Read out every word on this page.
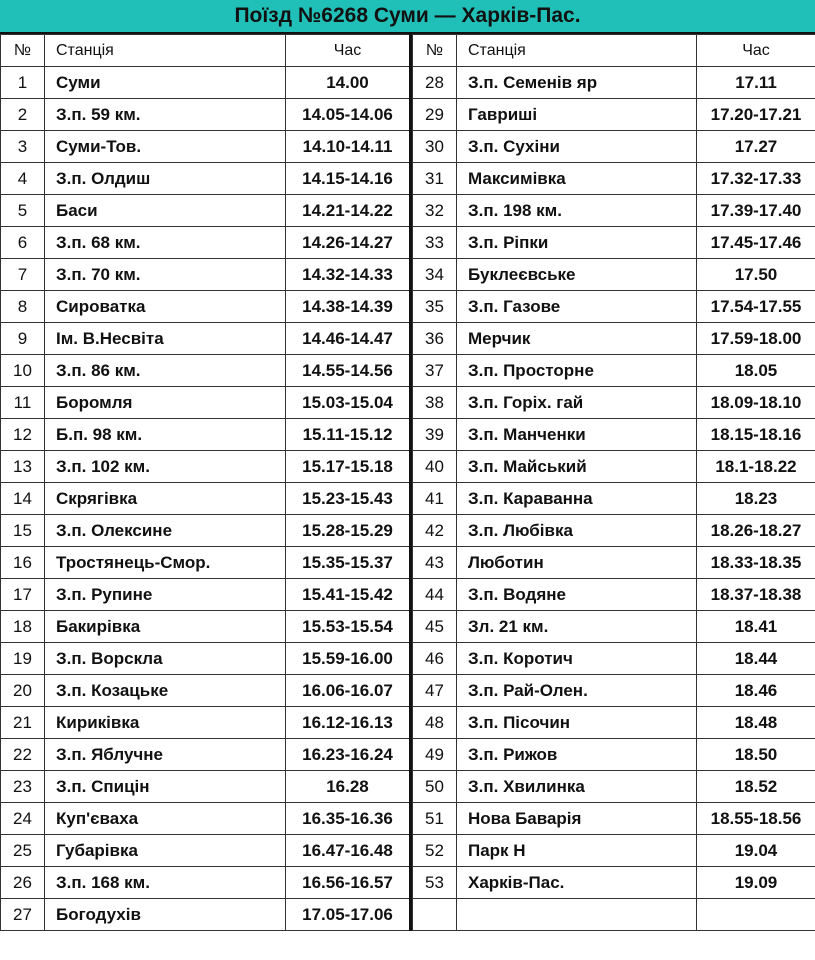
Поїзд №6268 Суми — Харків-Пас.
№	Станція	Час
1	Суми	14.00
2	З.п. 59 км.	14.05-14.06
3	Суми-Тов.	14.10-14.11
4	З.п. Олдиш	14.15-14.16
5	Баси	14.21-14.22
6	З.п. 68 км.	14.26-14.27
7	З.п. 70 км.	14.32-14.33
8	Сироватка	14.38-14.39
9	Ім. В.Несвіта	14.46-14.47
10	З.п. 86 км.	14.55-14.56
11	Боромля	15.03-15.04
12	Б.п. 98 км.	15.11-15.12
13	З.п. 102 км.	15.17-15.18
14	Скрягівка	15.23-15.43
15	З.п. Олексине	15.28-15.29
16	Тростянець-Смор.	15.35-15.37
17	З.п. Рупине	15.41-15.42
18	Бакирівка	15.53-15.54
19	З.п. Ворскла	15.59-16.00
20	З.п. Козацьке	16.06-16.07
21	Кириківка	16.12-16.13
22	З.п. Яблучне	16.23-16.24
23	З.п. Спицін	16.28
24	Куп'єваха	16.35-16.36
25	Губарівка	16.47-16.48
26	З.п. 168 км.	16.56-16.57
27	Богодухів	17.05-17.06
№	Станція	Час
28	З.п. Семенів яр	17.11
29	Гавриші	17.20-17.21
30	З.п. Сухіни	17.27
31	Максимівка	17.32-17.33
32	З.п. 198 км.	17.39-17.40
33	З.п. Ріпки	17.45-17.46
34	Буклеєвське	17.50
35	З.п. Газове	17.54-17.55
36	Мерчик	17.59-18.00
37	З.п. Просторне	18.05
38	З.п. Горіх. гай	18.09-18.10
39	З.п. Манченки	18.15-18.16
40	З.п. Майський	18.1-18.22
41	З.п. Караванна	18.23
42	З.п. Любівка	18.26-18.27
43	Люботин	18.33-18.35
44	З.п. Водяне	18.37-18.38
45	Зл. 21 км.	18.41
46	З.п. Коротич	18.44
47	З.п. Рай-Олен.	18.46
48	З.п. Пісочин	18.48
49	З.п. Рижов	18.50
50	З.п. Хвилинка	18.52
51	Нова Баварія	18.55-18.56
52	Парк Н	19.04
53	Харків-Пас.	19.09
